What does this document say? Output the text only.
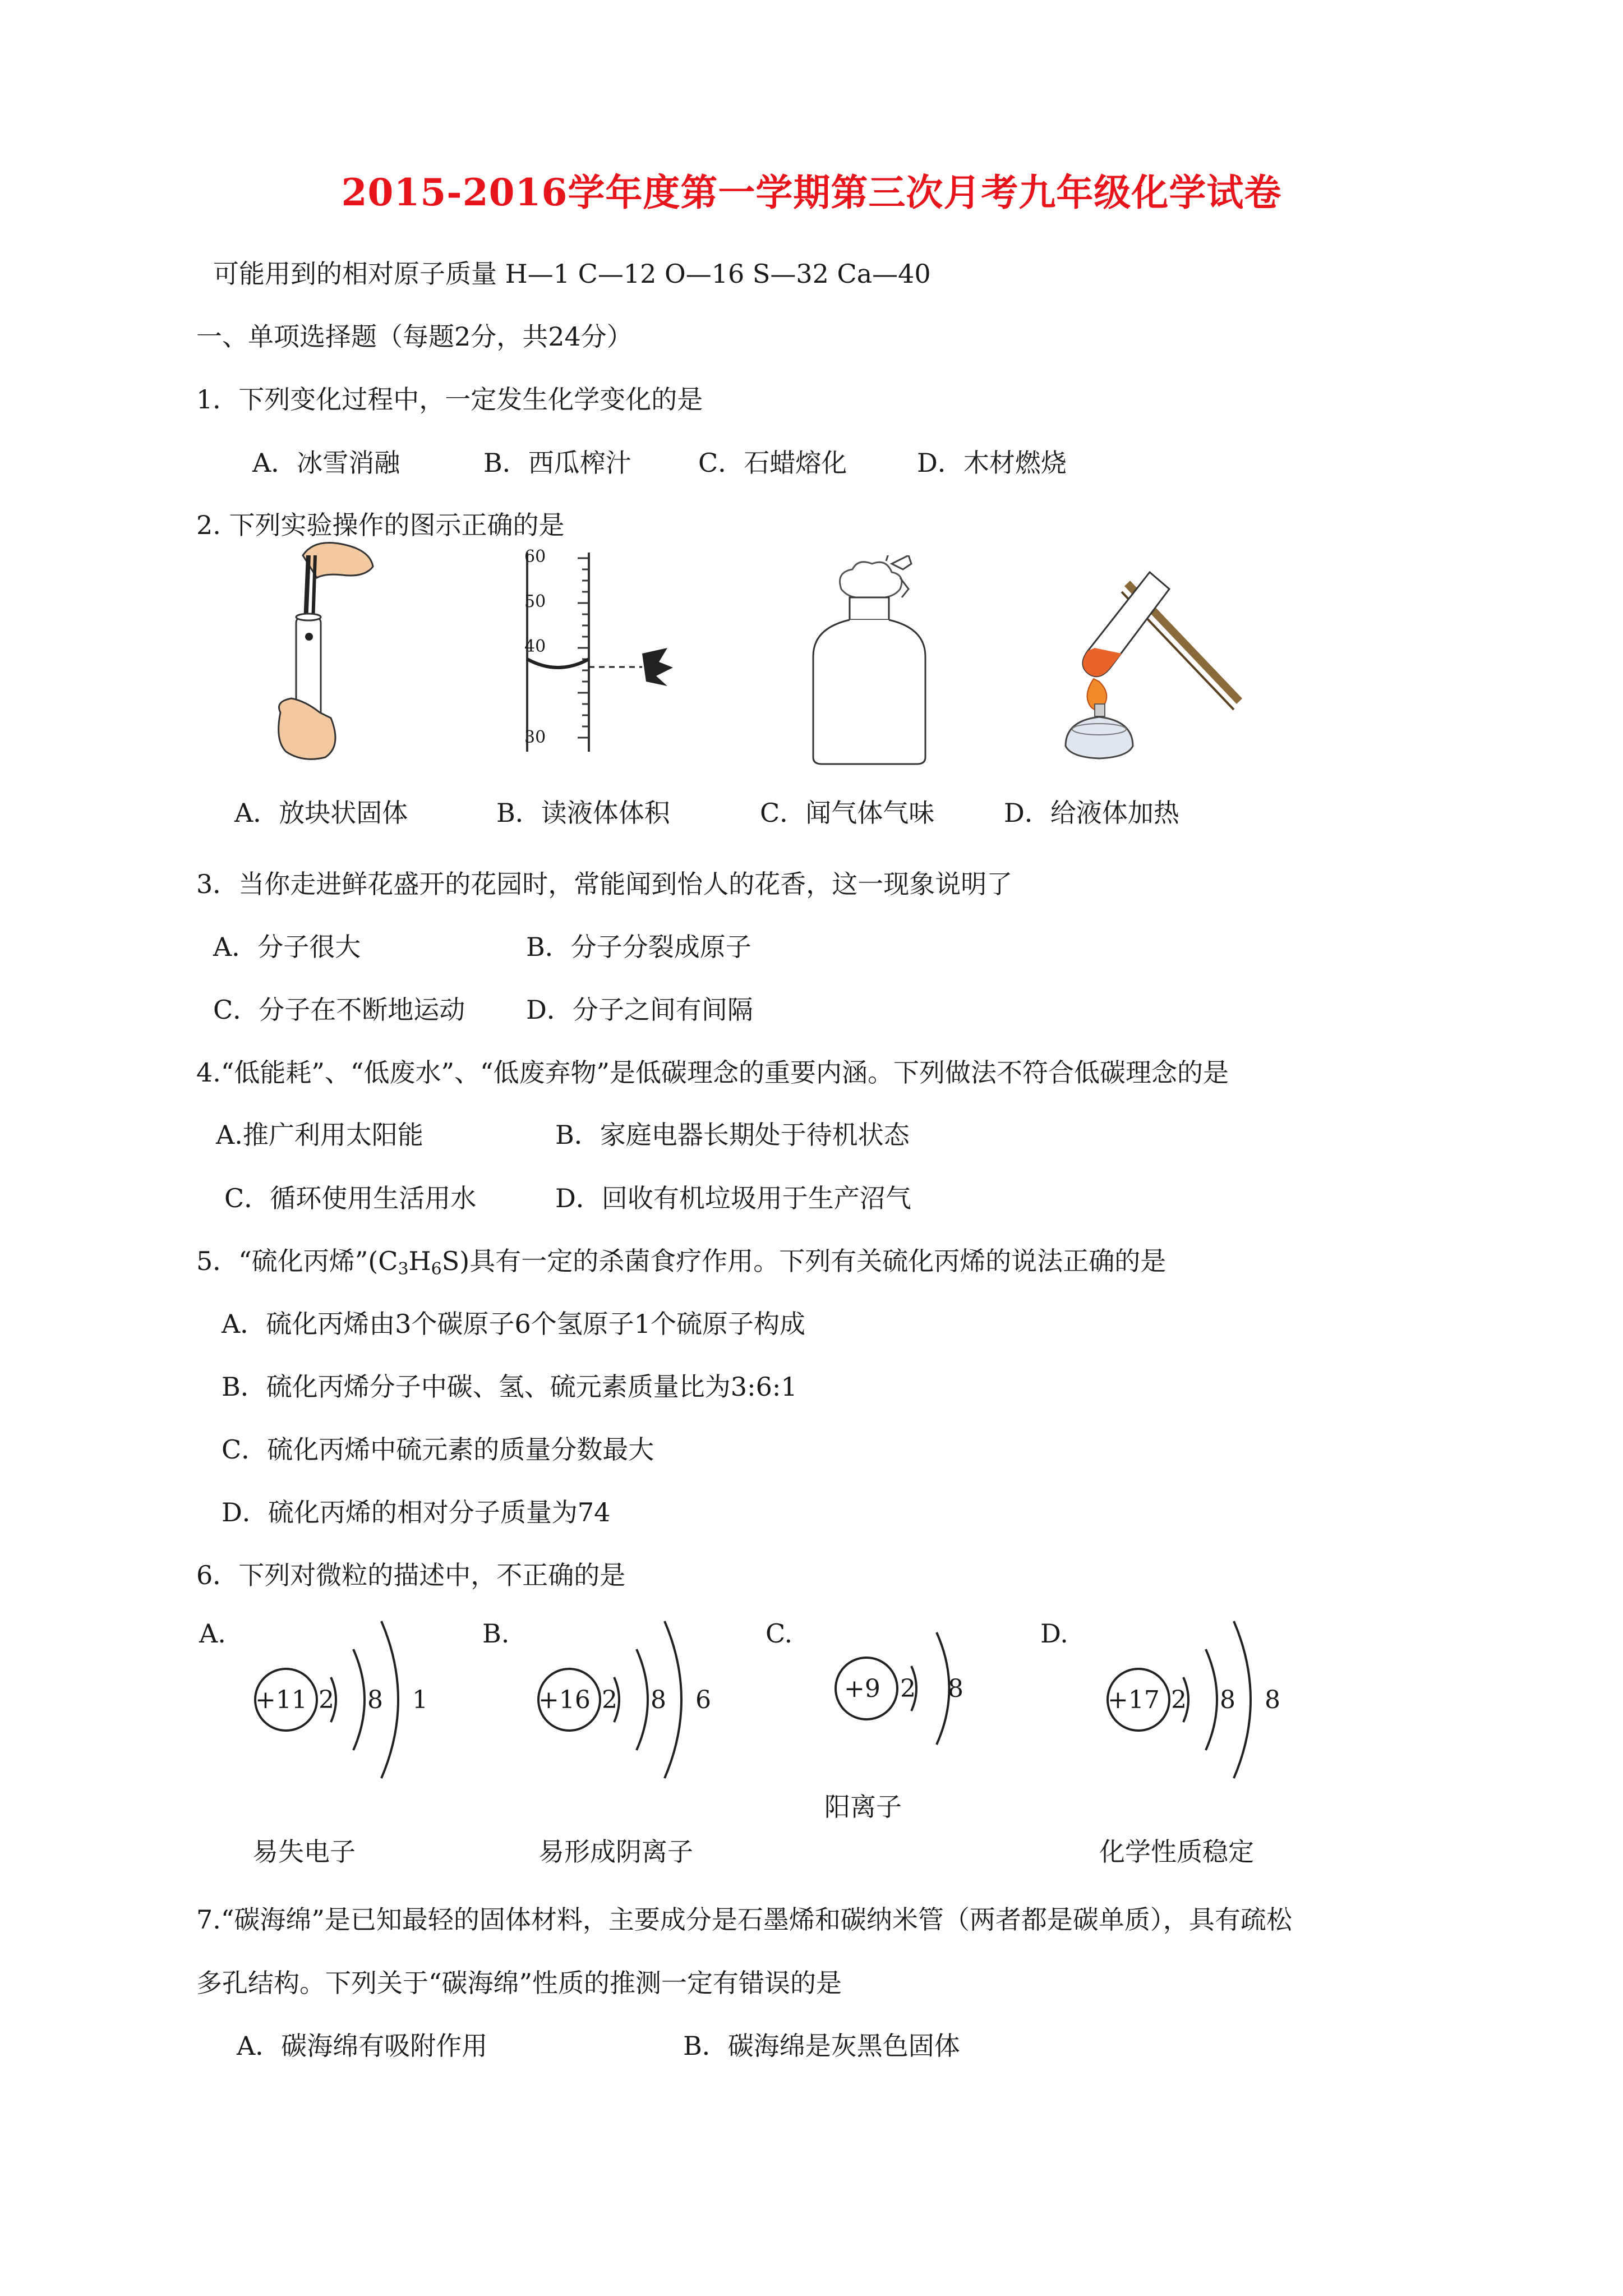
2015-2016学年度第一学期第三次月考九年级化学试卷
可能用到的相对原子质量 H—1 C—12 O—16 S—32 Ca—40
一、单项选择题（每题2分，共24分）
1．下列变化过程中，一定发生化学变化的是
A．冰雪消融	B．西瓜榨汁	C．石蜡熔化	D．木材燃烧
2. 下列实验操作的图示正确的是
60
50
40
30
A．放块状固体	B．读液体体积	C．闻气体气味	D．给液体加热
3．当你走进鲜花盛开的花园时，常能闻到怡人的花香，这一现象说明了
A．分子很大	B．分子分裂成原子
C．分子在不断地运动 D．分子之间有间隔
4.“低能耗”、“低废水”、“低废弃物”是低碳理念的重要内涵。下列做法不符合低碳理念的是
A.推广利用太阳能	B．家庭电器长期处于待机状态
C．循环使用生活用水	D．回收有机垃圾用于生产沼气
5．“硫化丙烯$”(C_3H_6S)$具有一定的杀菌食疗作用。下列有关硫化丙烯的说法正确的是
A．硫化丙烯由3个碳原子6个氢原子1个硫原子构成
B．硫化丙烯分子中碳、氢、硫元素质量比为3:6:1
C．硫化丙烯中硫元素的质量分数最大
D．硫化丙烯的相对分子质量为74
6．下列对微粒的描述中，不正确的是
A.	B.	C.	D.
+11 2 8 1	+16 2 8 6	+9 2 8	+17 2 8 8
易失电子	易形成阴离子
阳离子
化学性质稳定
7.“碳海绵”是已知最轻的固体材料，主要成分是石墨烯和碳纳米管（两者都是碳单质），具有疏松
多孔结构。下列关于“碳海绵”性质的推测一定有错误的是
A．碳海绵有吸附作用	B．碳海绵是灰黑色固体
